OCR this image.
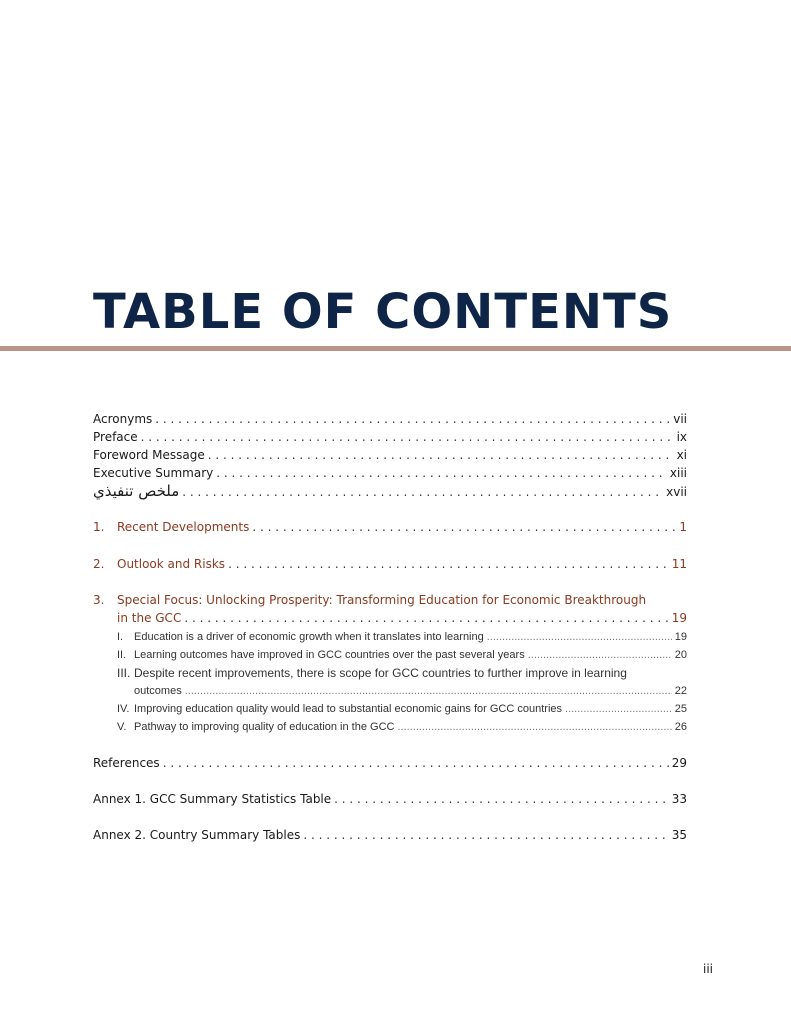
TABLE OF CONTENTS
Acronyms . . .	vii
Preface . . .	ix
Foreword Message . . .	xi
Executive Summary . . .	xiii
ملخص تنفيذي . . .	xvii
1. Recent Developments . . .	1
2. Outlook and Risks . . .	11
3. Special Focus: Unlocking Prosperity: Transforming Education for Economic Breakthrough
in the GCC . . .	19
I. Education is a driver of economic growth when it translates into learning .....	19
II. Learning outcomes have improved in GCC countries over the past several years .....	20
III. Despite recent improvements, there is scope for GCC countries to further improve in learning
outcomes .....	22
IV. Improving education quality would lead to substantial economic gains for GCC countries .....	25
V. Pathway to improving quality of education in the GCC .....	26
References . . .	29
Annex 1. GCC Summary Statistics Table . . .	33
Annex 2. Country Summary Tables . . .	35
iii
